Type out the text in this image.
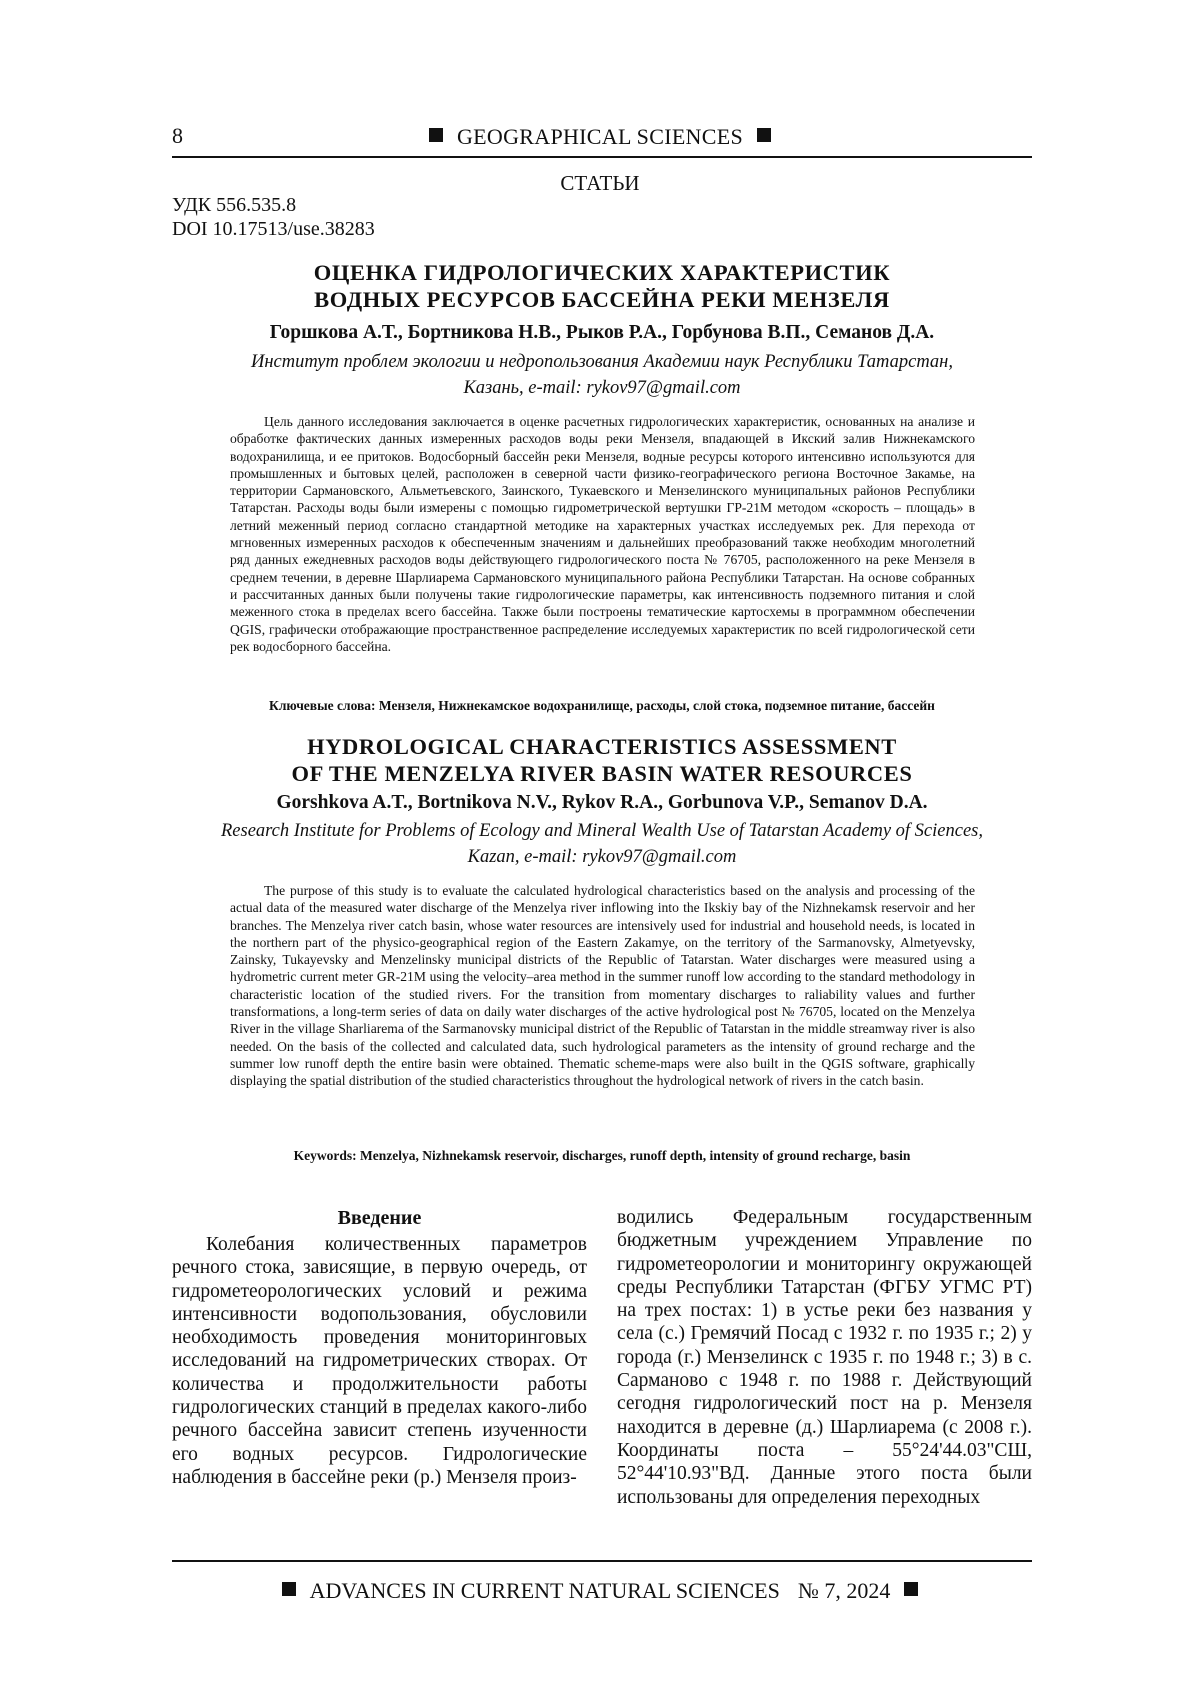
8	GEOGRAPHICAL SCIENCES
СТАТЬИ
УДК 556.535.8
DOI 10.17513/use.38283
ОЦЕНКА ГИДРОЛОГИЧЕСКИХ ХАРАКТЕРИСТИК
ВОДНЫХ РЕСУРСОВ БАССЕЙНА РЕКИ МЕНЗЕЛЯ
Горшкова А.Т., Бортникова Н.В., Рыков Р.А., Горбунова В.П., Семанов Д.А.
Институт проблем экологии и недропользования Академии наук Республики Татарстан,
Казань, e-mail: rykov97@gmail.com

Цель данного исследования заключается в оценке расчетных гидрологических характеристик, основанных на анализе и обработке фактических данных измеренных расходов воды реки Мензеля, впадающей в Икский залив Нижнекамского водохранилища, и ее притоков. Водосборный бассейн реки Мензеля, водные ресурсы которого интенсивно используются для промышленных и бытовых целей, расположен в северной части физико-географического региона Восточное Закамье, на территории Сармановского, Альметьевского, Заинского, Тукаевского и Мензелинского муниципальных районов Республики Татарстан. Расходы воды были измерены с помощью гидрометрической вертушки ГР-21М методом «скорость – площадь» в летний меженный период согласно стандартной методике на характерных участках исследуемых рек. Для перехода от мгновенных измеренных расходов к обеспеченным значениям и дальнейших преобразований также необходим многолетний ряд данных ежедневных расходов воды действующего гидрологического поста № 76705, расположенного на реке Мензеля в среднем течении, в деревне Шарлиарема Сармановского муниципального района Республики Татарстан. На основе собранных и рассчитанных данных были получены такие гидрологические параметры, как интенсивность подземного питания и слой меженного стока в пределах всего бассейна. Также были построены тематические картосхемы в программном обеспечении QGIS, графически отображающие пространственное распределение исследуемых характеристик по всей гидрологической сети рек водосборного бассейна.

Ключевые слова: Мензеля, Нижнекамское водохранилище, расходы, слой стока, подземное питание, бассейн
HYDROLOGICAL CHARACTERISTICS ASSESSMENT
OF THE MENZELYA RIVER BASIN WATER RESOURCES
Gorshkova A.T., Bortnikova N.V., Rykov R.A., Gorbunova V.P., Semanov D.A.
Research Institute for Problems of Ecology and Mineral Wealth Use of Tatarstan Academy of Sciences,
Kazan, e-mail: rykov97@gmail.com

The purpose of this study is to evaluate the calculated hydrological characteristics based on the analysis and processing of the actual data of the measured water discharge of the Menzelya river inflowing into the Ikskiy bay of the Nizhnekamsk reservoir and her branches. The Menzelya river catch basin, whose water resources are intensively used for industrial and household needs, is located in the northern part of the physico-geographical region of the Eastern Zakamye, on the territory of the Sarmanovsky, Almetyevsky, Zainsky, Tukayevsky and Menzelinsky municipal districts of the Republic of Tatarstan. Water discharges were measured using a hydrometric current meter GR-21M using the velocity–area method in the summer runoff low according to the standard methodology in characteristic location of the studied rivers. For the transition from momentary discharges to raliability values and further transformations, a long-term series of data on daily water discharges of the active hydrological post № 76705, located on the Menzelya River in the village Sharliarema of the Sarmanovsky municipal district of the Republic of Tatarstan in the middle streamway river is also needed. On the basis of the collected and calculated data, such hydrological parameters as the intensity of ground recharge and the summer low runoff depth the entire basin were obtained. Thematic scheme-maps were also built in the QGIS software, graphically displaying the spatial distribution of the studied characteristics throughout the hydrological network of rivers in the catch basin.

Keywords: Menzelya, Nizhnekamsk reservoir, discharges, runoff depth, intensity of ground recharge, basin
Введение

Колебания количественных параметров речного стока, зависящие, в первую очередь, от гидрометеорологических условий и режима интенсивности водопользования, обусловили необходимость проведения мониторинговых исследований на гидрометрических створах. От количества и продолжительности работы гидрологических станций в пределах какого-либо речного бассейна зависит степень изученности его водных ресурсов. Гидрологические наблюдения в бассейне реки (р.) Мензеля произ-

водились Федеральным государственным бюджетным учреждением Управление по гидрометеорологии и мониторингу окружающей среды Республики Татарстан (ФГБУ УГМС РТ) на трех постах: 1) в устье реки без названия у села (с.) Гремячий Посад с 1932 г. по 1935 г.; 2) у города (г.) Мензелинск с 1935 г. по 1948 г.; 3) в с. Сарманово с 1948 г. по 1988 г. Действующий сегодня гидрологический пост на р. Мензеля находится в деревне (д.) Шарлиарема (с 2008 г.). Координаты поста – 55°24'44.03"СШ, 52°44'10.93"ВД. Данные этого поста были использованы для определения переходных

ADVANCES IN CURRENT NATURAL SCIENCES № 7, 2024
